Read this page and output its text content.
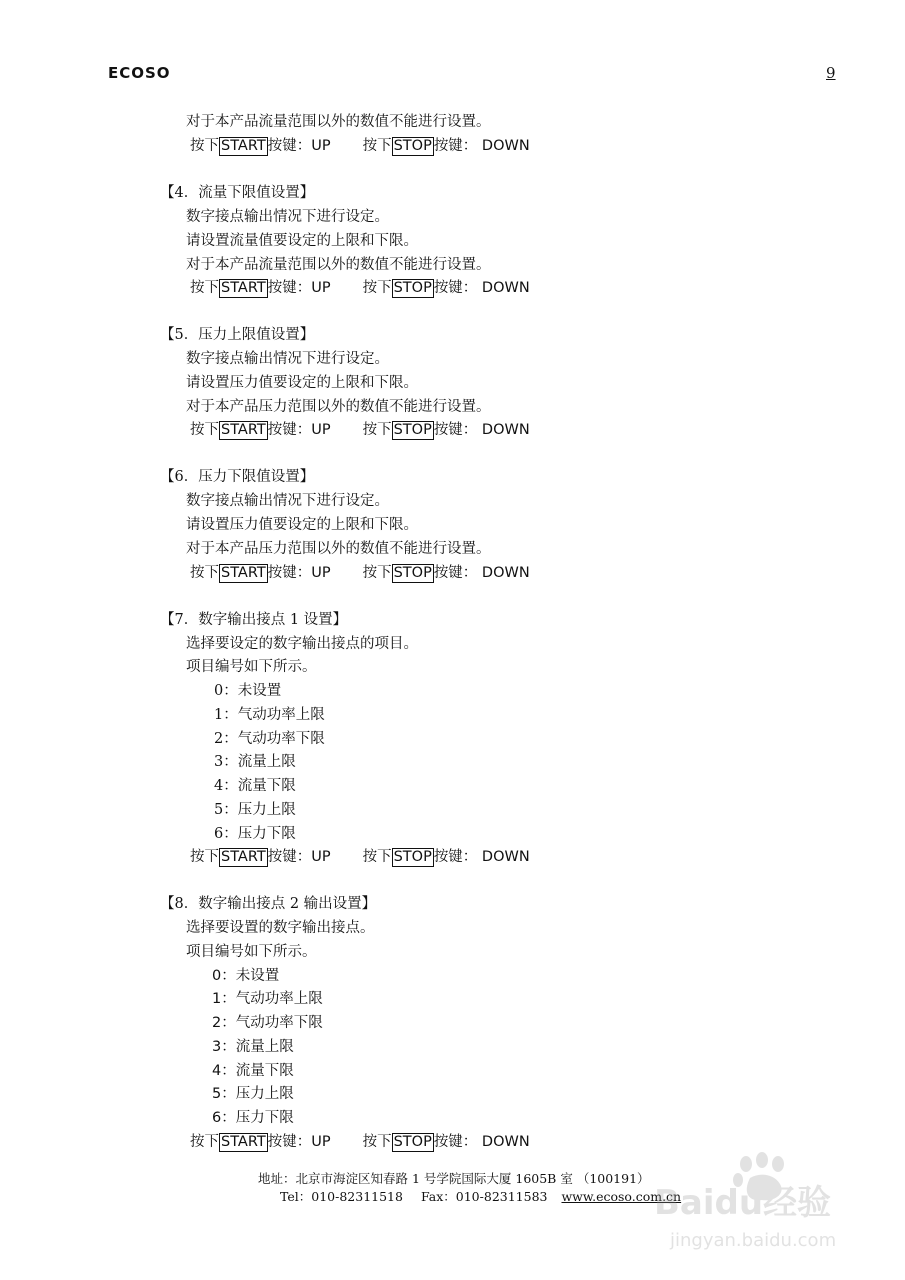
ECOSO	9
对于本产品流量范围以外的数值不能进行设置。
按下 START 按键：UP 按下 STOP 按键： DOWN
【4．流量下限值设置】
数字接点输出情况下进行设定。
请设置流量值要设定的上限和下限。
对于本产品流量范围以外的数值不能进行设置。
按下 START 按键：UP 按下 STOP 按键： DOWN
【5．压力上限值设置】
数字接点输出情况下进行设定。
请设置压力值要设定的上限和下限。
对于本产品压力范围以外的数值不能进行设置。
按下 START 按键：UP 按下 STOP 按键： DOWN
【6．压力下限值设置】
数字接点输出情况下进行设定。
请设置压力值要设定的上限和下限。
对于本产品压力范围以外的数值不能进行设置。
按下 START 按键：UP 按下 STOP 按键： DOWN
【7．数字输出接点 1 设置】
选择要设定的数字输出接点的项目。
项目编号如下所示。
0：未设置
1：气动功率上限
2：气动功率下限
3：流量上限
4：流量下限
5：压力上限
6：压力下限
按下 START 按键：UP 按下 STOP 按键： DOWN
【8．数字输出接点 2 输出设置】
选择要设置的数字输出接点。
项目编号如下所示。
0：未设置
1：气动功率上限
2：气动功率下限
3：流量上限
4：流量下限
5：压力上限
6：压力下限
按下 START 按键：UP 按下 STOP 按键： DOWN
地址：北京市海淀区知春路 1 号学院国际大厦 1605B 室 （100191）
Tel：010-82311518 Fax：010-82311583 www.ecoso.com.cn
Baidu经验
jingyan.baidu.com
